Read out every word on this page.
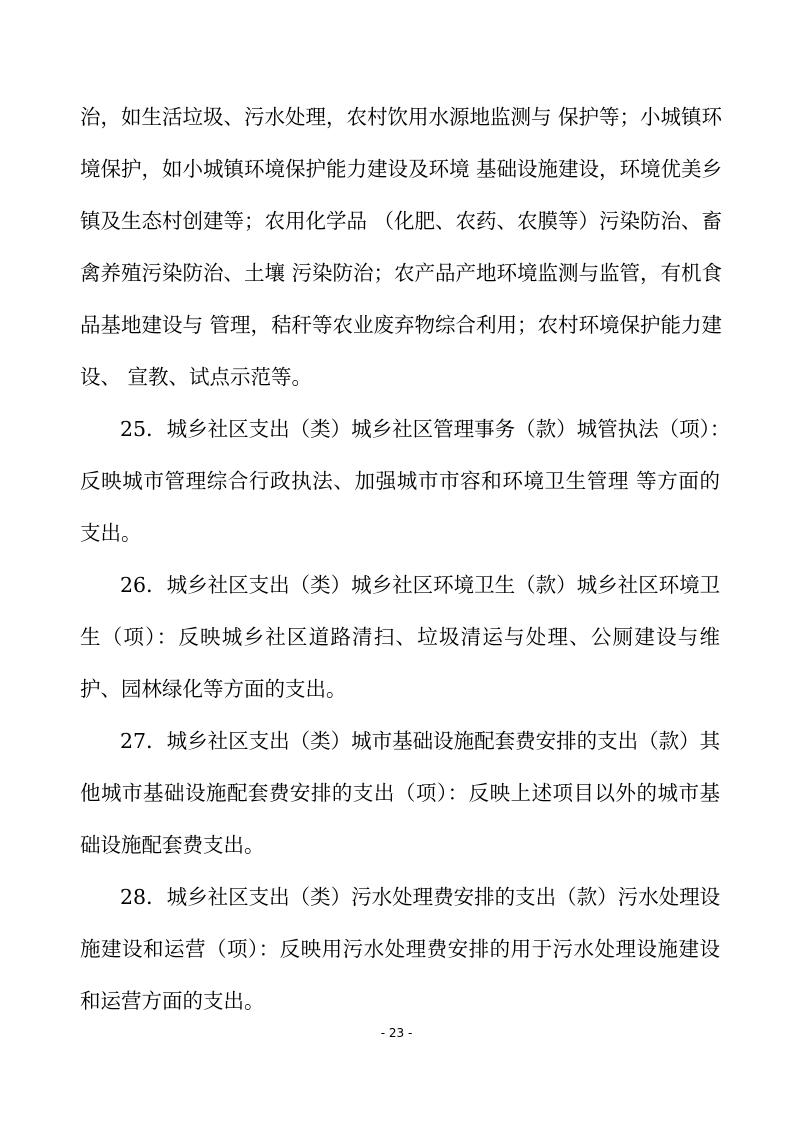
治，如生活垃圾、污水处理，农村饮用水源地监测与 保护等；小城镇环
境保护，如小城镇环境保护能力建设及环境 基础设施建设，环境优美乡
镇及生态村创建等；农用化学品 （化肥、农药、农膜等）污染防治、畜
禽养殖污染防治、土壤 污染防治；农产品产地环境监测与监管，有机食
品基地建设与 管理，秸秆等农业废弃物综合利用；农村环境保护能力建
设、 宣教、试点示范等。
25．城乡社区支出（类）城乡社区管理事务（款）城管执法（项）：
反映城市管理综合行政执法、加强城市市容和环境卫生管理 等方面的
支出。
26．城乡社区支出（类）城乡社区环境卫生（款）城乡社区环境卫
生（项）：反映城乡社区道路清扫、垃圾清运与处理、公厕建设与维
护、园林绿化等方面的支出。
27．城乡社区支出（类）城市基础设施配套费安排的支出（款）其
他城市基础设施配套费安排的支出（项）：反映上述项目以外的城市基
础设施配套费支出。
28．城乡社区支出（类）污水处理费安排的支出（款）污水处理设
施建设和运营（项）：反映用污水处理费安排的用于污水处理设施建设
和运营方面的支出。
- 23 -
